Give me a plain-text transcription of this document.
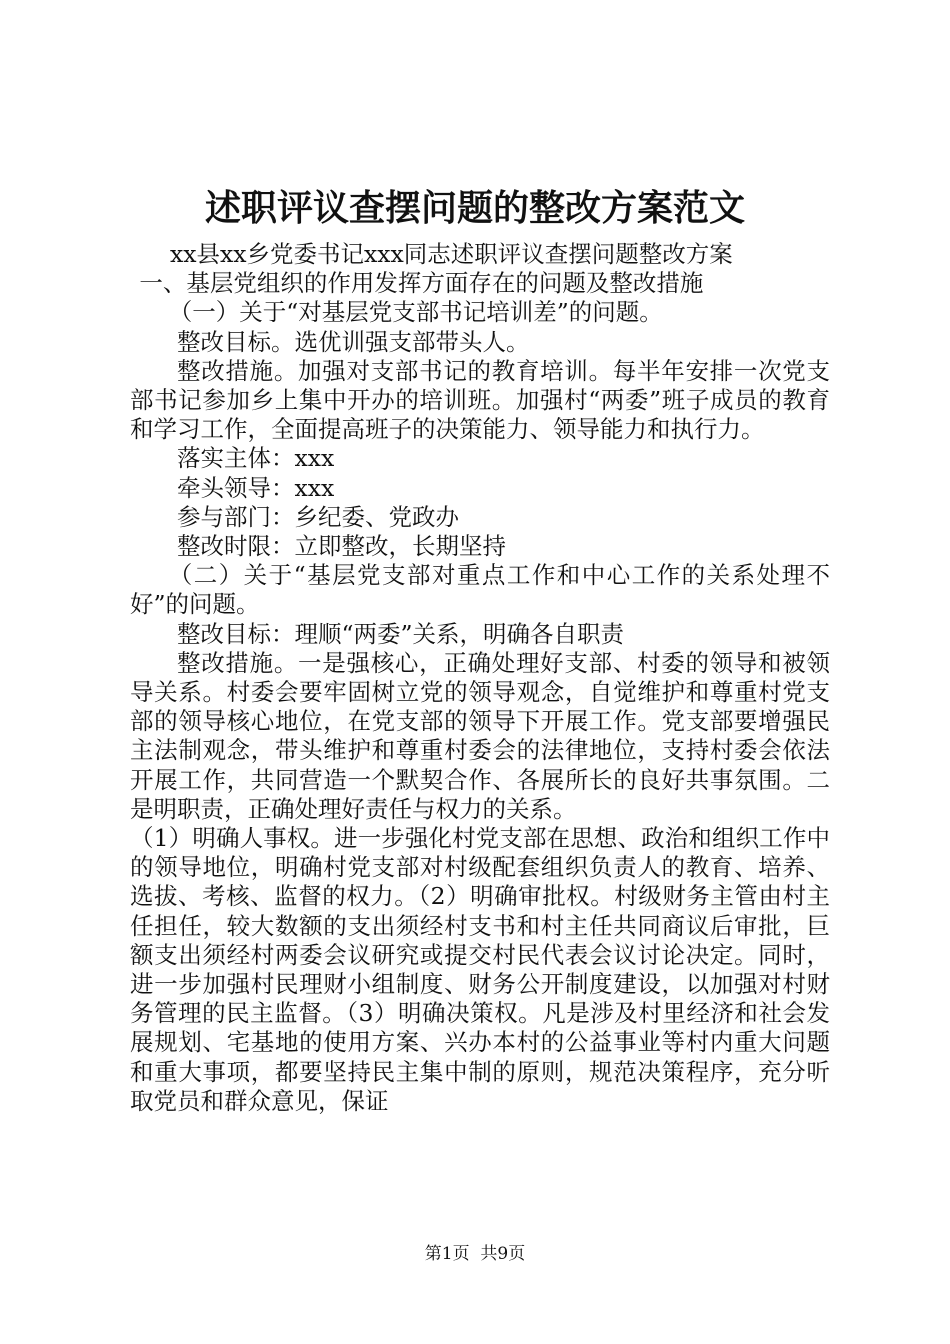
述职评议查摆问题的整改方案范文

xx县xx乡党委书记xxx同志述职评议查摆问题整改方案

一、基层党组织的作用发挥方面存在的问题及整改措施

（一）关于“对基层党支部书记培训差”的问题。

整改目标。选优训强支部带头人。

整改措施。加强对支部书记的教育培训。每半年安排一次党支部书记参加乡上集中开办的培训班。加强村“两委”班子成员的教育和学习工作，全面提高班子的决策能力、领导能力和执行力。

落实主体：xxx

牵头领导：xxx

参与部门：乡纪委、党政办

整改时限：立即整改，长期坚持

（二）关于“基层党支部对重点工作和中心工作的关系处理不好”的问题。

整改目标：理顺“两委”关系，明确各自职责

整改措施。一是强核心，正确处理好支部、村委的领导和被领导关系。村委会要牢固树立党的领导观念，自觉维护和尊重村党支部的领导核心地位，在党支部的领导下开展工作。党支部要增强民主法制观念，带头维护和尊重村委会的法律地位，支持村委会依法开展工作，共同营造一个默契合作、各展所长的良好共事氛围。二是明职责，正确处理好责任与权力的关系。

（1）明确人事权。进一步强化村党支部在思想、政治和组织工作中的领导地位，明确村党支部对村级配套组织负责人的教育、培养、选拔、考核、监督的权力。（2）明确审批权。村级财务主管由村主任担任，较大数额的支出须经村支书和村主任共同商议后审批，巨额支出须经村两委会议研究或提交村民代表会议讨论决定。同时，进一步加强村民理财小组制度、财务公开制度建设，以加强对村财务管理的民主监督。（3）明确决策权。凡是涉及村里经济和社会发展规划、宅基地的使用方案、兴办本村的公益事业等村内重大问题和重大事项，都要坚持民主集中制的原则，规范决策程序，充分听取党员和群众意见，保证

第1页  共9页
